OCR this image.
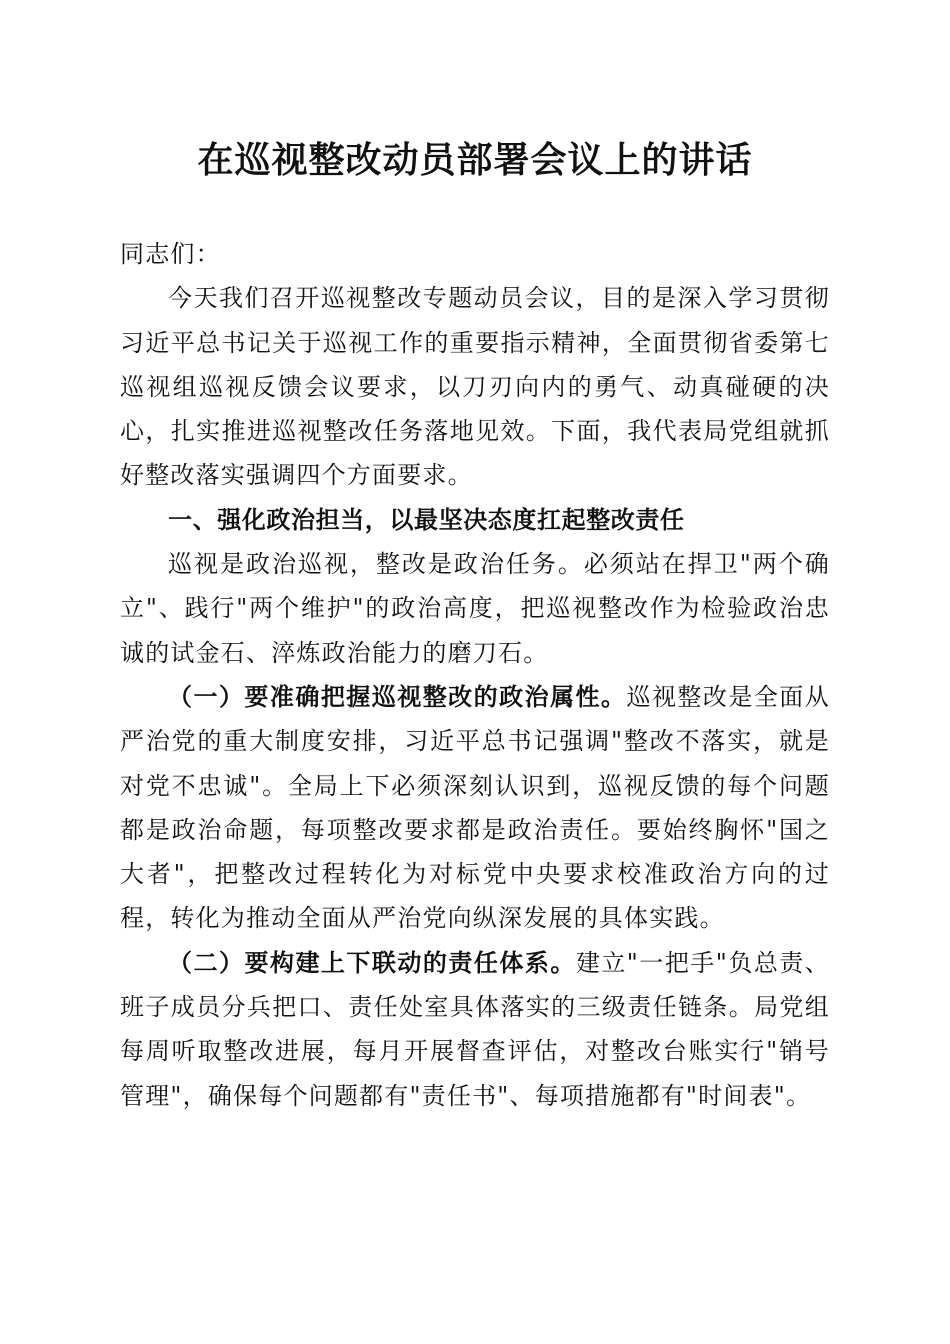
在巡视整改动员部署会议上的讲话

同志们：

今天我们召开巡视整改专题动员会议，目的是深入学习贯彻习近平总书记关于巡视工作的重要指示精神，全面贯彻省委第七巡视组巡视反馈会议要求，以刀刃向内的勇气、动真碰硬的决心，扎实推进巡视整改任务落地见效。下面，我代表局党组就抓好整改落实强调四个方面要求。

一、强化政治担当，以最坚决态度扛起整改责任

巡视是政治巡视，整改是政治任务。必须站在捍卫"两个确立"、践行"两个维护"的政治高度，把巡视整改作为检验政治忠诚的试金石、淬炼政治能力的磨刀石。

（一）要准确把握巡视整改的政治属性。巡视整改是全面从严治党的重大制度安排，习近平总书记强调"整改不落实，就是对党不忠诚"。全局上下必须深刻认识到，巡视反馈的每个问题都是政治命题，每项整改要求都是政治责任。要始终胸怀"国之大者"，把整改过程转化为对标党中央要求校准政治方向的过程，转化为推动全面从严治党向纵深发展的具体实践。

（二）要构建上下联动的责任体系。建立"一把手"负总责、班子成员分兵把口、责任处室具体落实的三级责任链条。局党组每周听取整改进展，每月开展督查评估，对整改台账实行"销号管理"，确保每个问题都有"责任书"、每项措施都有"时间表"。
